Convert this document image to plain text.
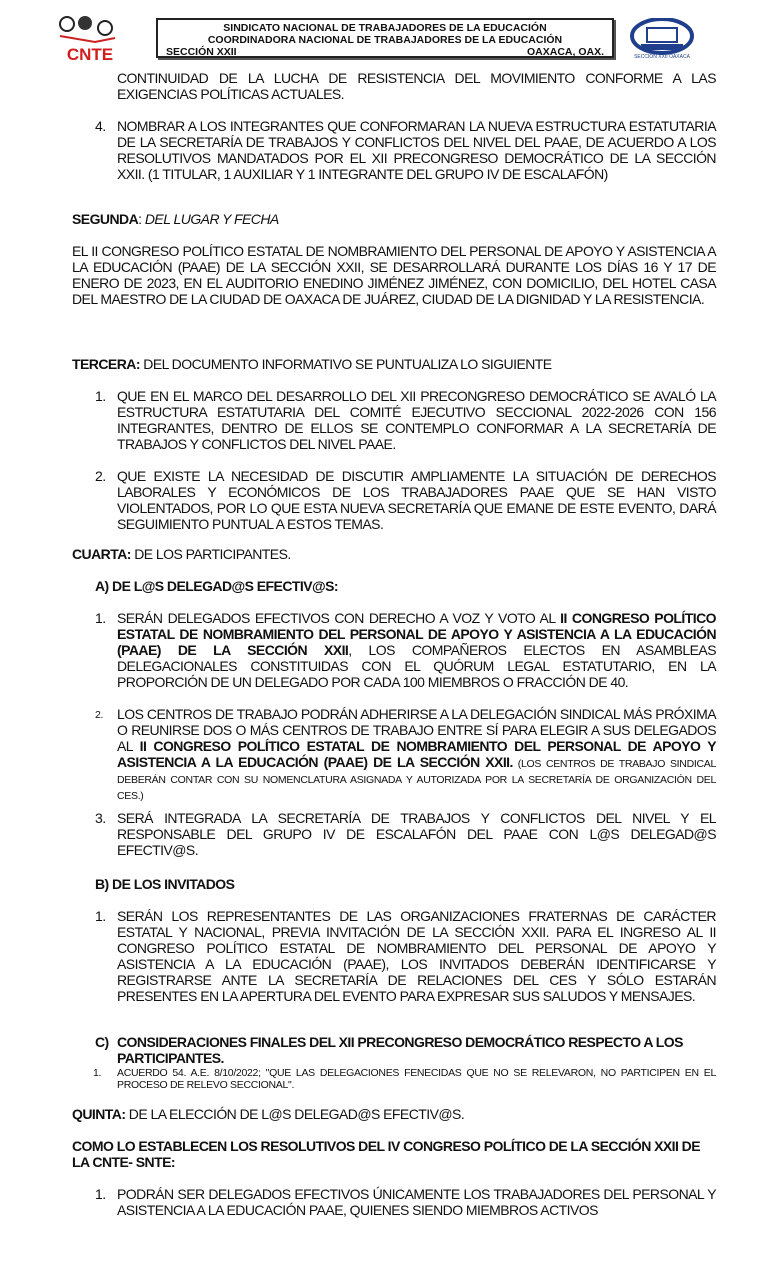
CNTE
SINDICATO NACIONAL DE TRABAJADORES DE LA EDUCACIÓN
COORDINADORA NACIONAL DE TRABAJADORES DE LA EDUCACIÓN
SECCIÓN XXII	OAXACA, OAX.	SECCION XXII OAXACA
CONTINUIDAD DE LA LUCHA DE RESISTENCIA DEL MOVIMIENTO CONFORME A LAS EXIGENCIAS POLÍTICAS ACTUALES.
4. NOMBRAR A LOS INTEGRANTES QUE CONFORMARAN LA NUEVA ESTRUCTURA ESTATUTARIA DE LA SECRETARÍA DE TRABAJOS Y CONFLICTOS DEL NIVEL DEL PAAE, DE ACUERDO A LOS RESOLUTIVOS MANDATADOS POR EL XII PRECONGRESO DEMOCRÁTICO DE LA SECCIÓN XXII. (1 TITULAR, 1 AUXILIAR Y 1 INTEGRANTE DEL GRUPO IV DE ESCALAFÓN)
SEGUNDA: DEL LUGAR Y FECHA
EL II CONGRESO POLÍTICO ESTATAL DE NOMBRAMIENTO DEL PERSONAL DE APOYO Y ASISTENCIA A LA EDUCACIÓN (PAAE) DE LA SECCIÓN XXII, SE DESARROLLARÁ DURANTE LOS DÍAS 16 Y 17 DE ENERO DE 2023, EN EL AUDITORIO ENEDINO JIMÉNEZ JIMÉNEZ, CON DOMICILIO, DEL HOTEL CASA DEL MAESTRO DE LA CIUDAD DE OAXACA DE JUÁREZ, CIUDAD DE LA DIGNIDAD Y LA RESISTENCIA.
TERCERA: DEL DOCUMENTO INFORMATIVO SE PUNTUALIZA LO SIGUIENTE
1. QUE EN EL MARCO DEL DESARROLLO DEL XII PRECONGRESO DEMOCRÁTICO SE AVALÓ LA ESTRUCTURA ESTATUTARIA DEL COMITÉ EJECUTIVO SECCIONAL 2022-2026 CON 156 INTEGRANTES, DENTRO DE ELLOS SE CONTEMPLO CONFORMAR A LA SECRETARÍA DE TRABAJOS Y CONFLICTOS DEL NIVEL PAAE.
2. QUE EXISTE LA NECESIDAD DE DISCUTIR AMPLIAMENTE LA SITUACIÓN DE DERECHOS LABORALES Y ECONÓMICOS DE LOS TRABAJADORES PAAE QUE SE HAN VISTO VIOLENTADOS, POR LO QUE ESTA NUEVA SECRETARÍA QUE EMANE DE ESTE EVENTO, DARÁ SEGUIMIENTO PUNTUAL A ESTOS TEMAS.
CUARTA: DE LOS PARTICIPANTES.
A) DE L@S DELEGAD@S EFECTIV@S:
1. SERÁN DELEGADOS EFECTIVOS CON DERECHO A VOZ Y VOTO AL II CONGRESO POLÍTICO ESTATAL DE NOMBRAMIENTO DEL PERSONAL DE APOYO Y ASISTENCIA A LA EDUCACIÓN (PAAE) DE LA SECCIÓN XXII, LOS COMPAÑEROS ELECTOS EN ASAMBLEAS DELEGACIONALES CONSTITUIDAS CON EL QUÓRUM LEGAL ESTATUTARIO, EN LA PROPORCIÓN DE UN DELEGADO POR CADA 100 MIEMBROS O FRACCIÓN DE 40.
2. LOS CENTROS DE TRABAJO PODRÁN ADHERIRSE A LA DELEGACIÓN SINDICAL MÁS PRÓXIMA O REUNIRSE DOS O MÁS CENTROS DE TRABAJO ENTRE SÍ PARA ELEGIR A SUS DELEGADOS AL II CONGRESO POLÍTICO ESTATAL DE NOMBRAMIENTO DEL PERSONAL DE APOYO Y ASISTENCIA A LA EDUCACIÓN (PAAE) DE LA SECCIÓN XXII. (LOS CENTROS DE TRABAJO SINDICAL DEBERÁN CONTAR CON SU NOMENCLATURA ASIGNADA Y AUTORIZADA POR LA SECRETARÍA DE ORGANIZACIÓN DEL CES.)
3. SERÁ INTEGRADA LA SECRETARÍA DE TRABAJOS Y CONFLICTOS DEL NIVEL Y EL RESPONSABLE DEL GRUPO IV DE ESCALAFÓN DEL PAAE CON L@S DELEGAD@S EFECTIV@S.
B) DE LOS INVITADOS
1. SERÁN LOS REPRESENTANTES DE LAS ORGANIZACIONES FRATERNAS DE CARÁCTER ESTATAL Y NACIONAL, PREVIA INVITACIÓN DE LA SECCIÓN XXII. PARA EL INGRESO AL II CONGRESO POLÍTICO ESTATAL DE NOMBRAMIENTO DEL PERSONAL DE APOYO Y ASISTENCIA A LA EDUCACIÓN (PAAE), LOS INVITADOS DEBERÁN IDENTIFICARSE Y REGISTRARSE ANTE LA SECRETARÍA DE RELACIONES DEL CES Y SÓLO ESTARÁN PRESENTES EN LA APERTURA DEL EVENTO PARA EXPRESAR SUS SALUDOS Y MENSAJES.
C) CONSIDERACIONES FINALES DEL XII PRECONGRESO DEMOCRÁTICO RESPECTO A LOS PARTICIPANTES.
1. ACUERDO 54. A.E. 8/10/2022; "QUE LAS DELEGACIONES FENECIDAS QUE NO SE RELEVARON, NO PARTICIPEN EN EL PROCESO DE RELEVO SECCIONAL".
QUINTA: DE LA ELECCIÓN DE L@S DELEGAD@S EFECTIV@S.
COMO LO ESTABLECEN LOS RESOLUTIVOS DEL IV CONGRESO POLÍTICO DE LA SECCIÓN XXII DE LA CNTE- SNTE:
1. PODRÁN SER DELEGADOS EFECTIVOS ÚNICAMENTE LOS TRABAJADORES DEL PERSONAL Y ASISTENCIA A LA EDUCACIÓN PAAE, QUIENES SIENDO MIEMBROS ACTIVOS
